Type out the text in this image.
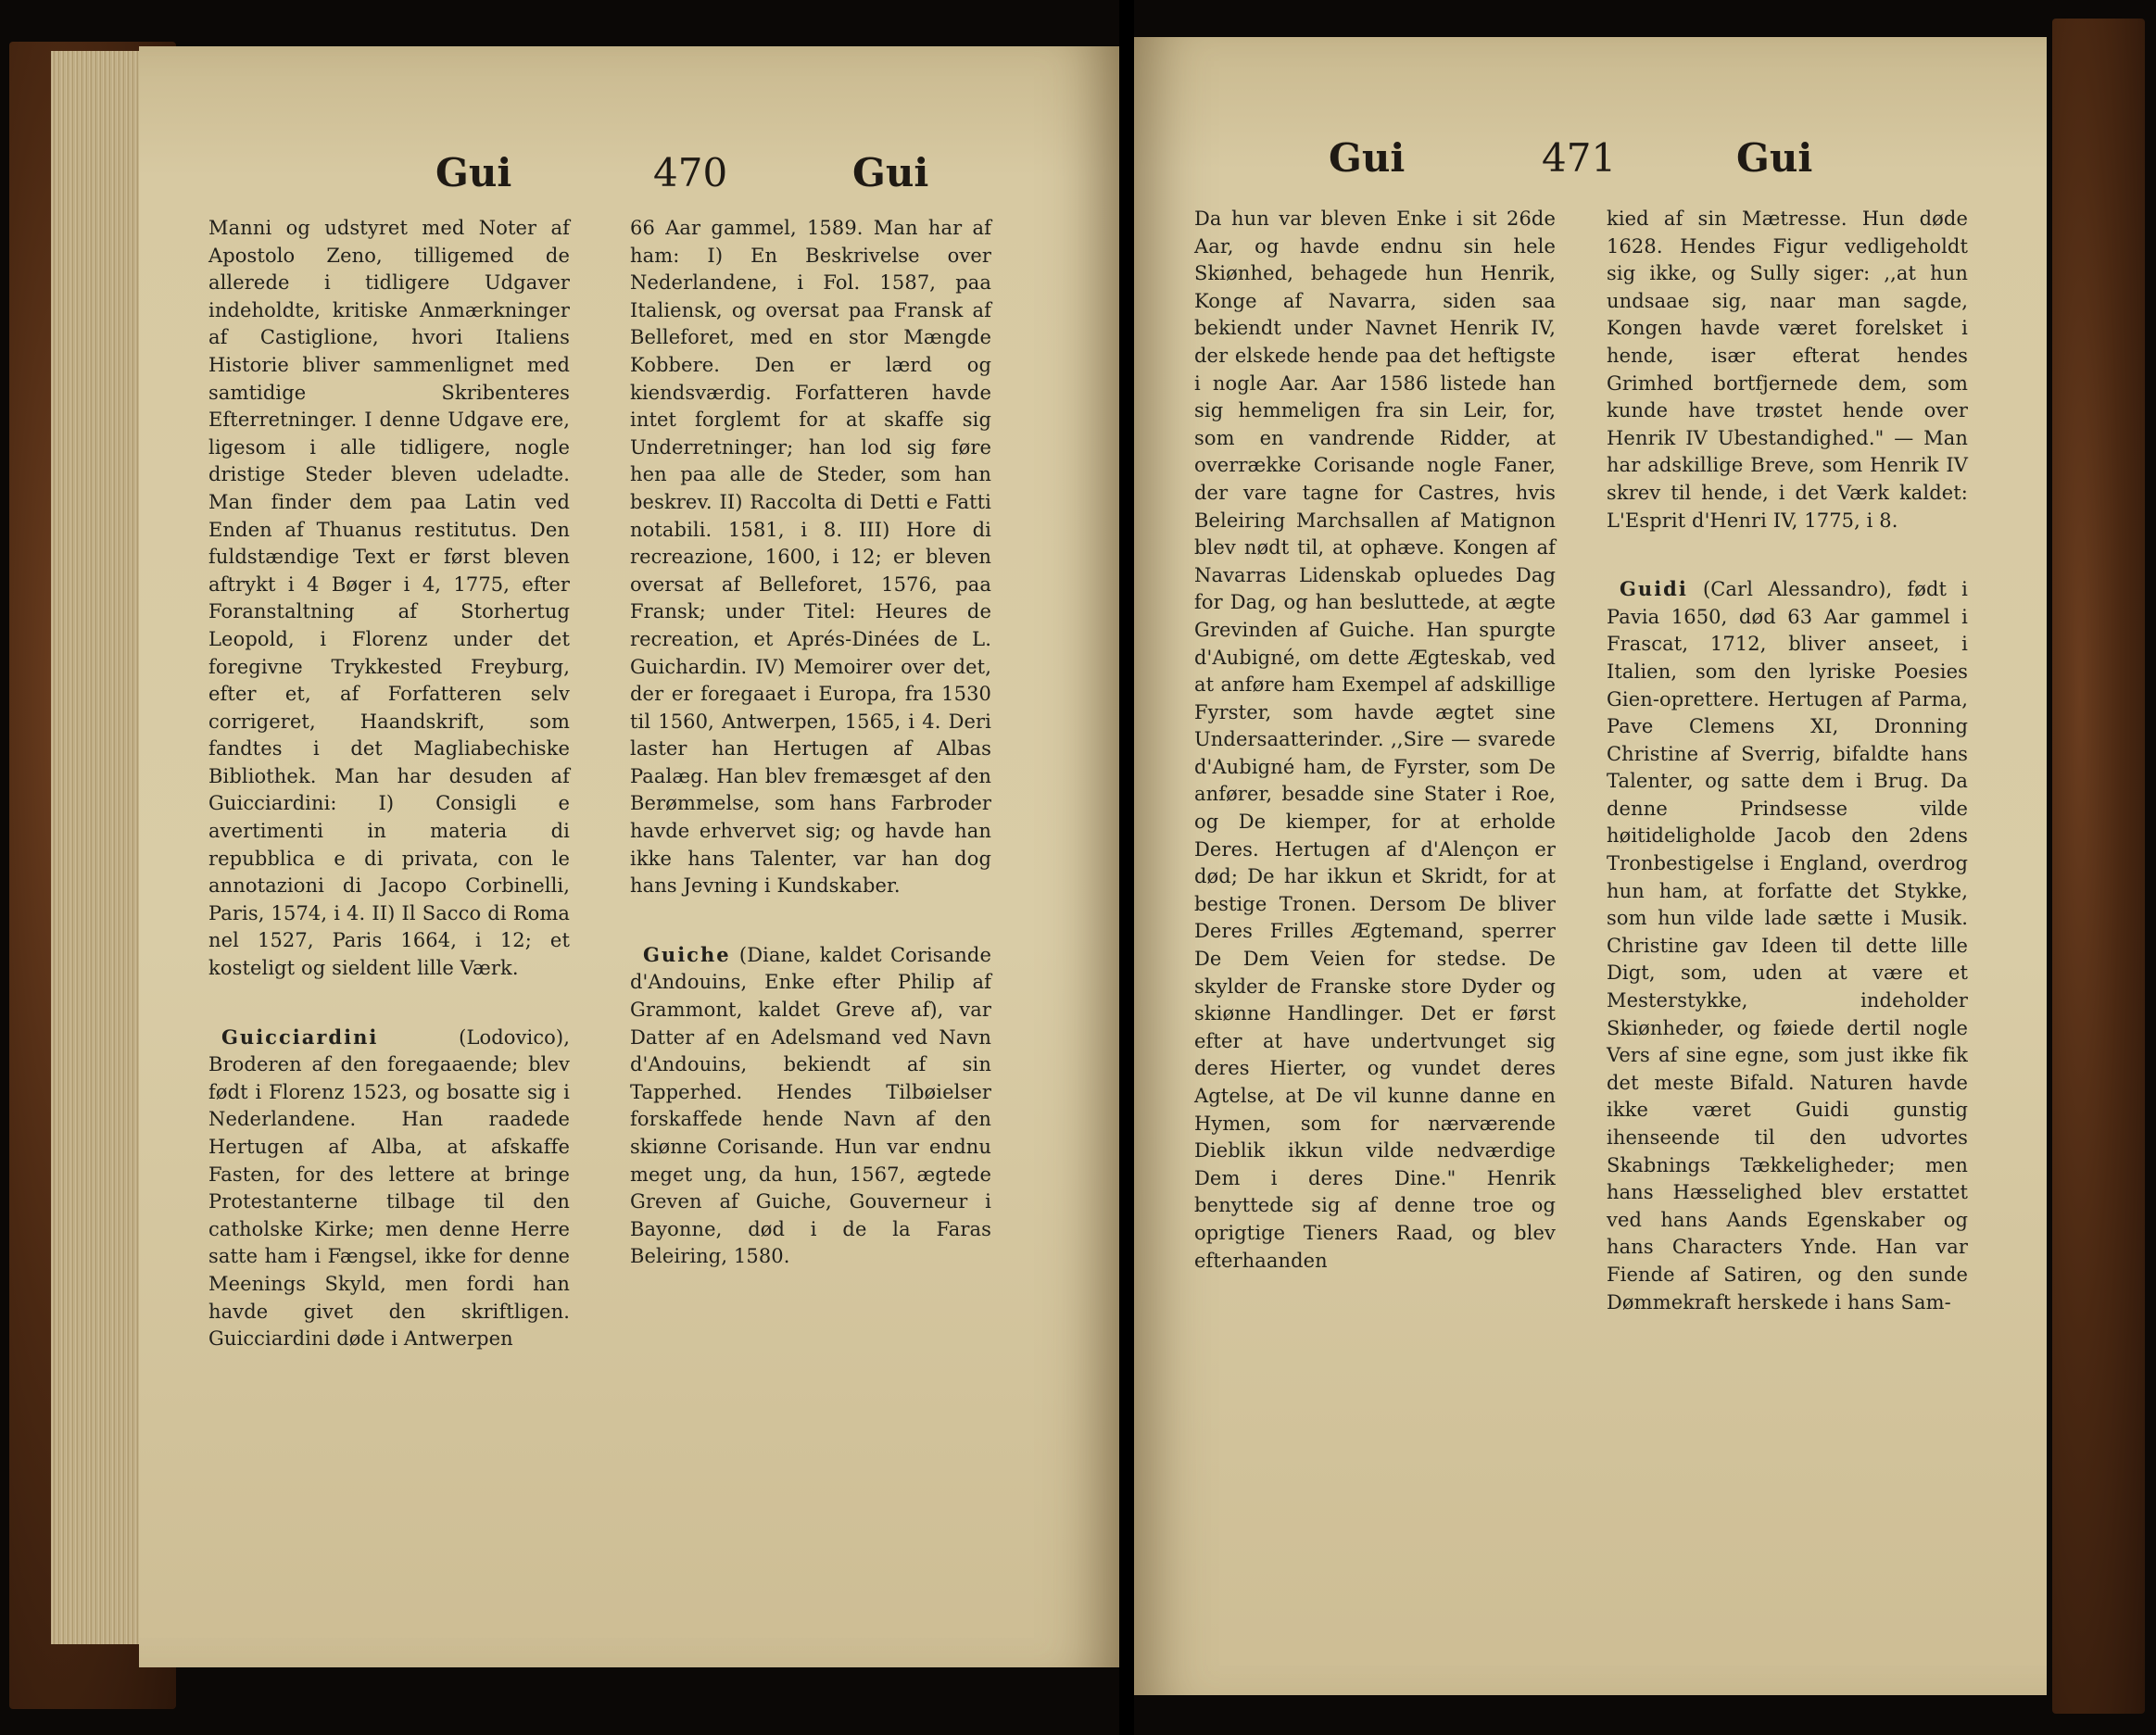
Gui	470	Gui

Manni og udstyret med Noter af Apostolo Zeno, tilligemed de allerede i tidligere Udgaver indeholdte, kritiske Anmærkninger af Castiglione, hvori Italiens Historie bliver sammenlignet med samtidige Skribenteres Efterretninger. I denne Udgave ere, ligesom i alle tidligere, nogle dristige Steder bleven udeladte. Man finder dem paa Latin ved Enden af Thuanus restitutus. Den fuldstændige Text er først bleven aftrykt i 4 Bøger i 4, 1775, efter Foranstaltning af Storhertug Leopold, i Florenz under det foregivne Trykkested Freyburg, efter et, af Forfatteren selv corrigeret, Haandskrift, som fandtes i det Magliabechiske Bibliothek. Man har desuden af Guicciardini: I) Consigli e avertimenti in materia di repubblica e di privata, con le annotazioni di Jacopo Corbinelli, Paris, 1574, i 4. II) Il Sacco di Roma nel 1527, Paris 1664, i 12; et kosteligt og sieldent lille Værk.

Guicciardini	(Lodovico), Broderen af den foregaaende; blev født i Florenz 1523, og bosatte sig i Nederlandene. Han raadede Hertugen af Alba, at afskaffe Fasten, for des lettere at bringe Protestanterne tilbage til den catholske Kirke; men denne Herre satte ham i Fængsel, ikke for denne Meenings Skyld, men fordi han havde givet den skriftligen. Guicciardini døde i Antwerpen

66 Aar gammel, 1589. Man har af ham: I) En Beskrivelse over Nederlandene, i Fol. 1587, paa Italiensk, og oversat paa Fransk af Belleforet, med en stor Mængde Kobbere. Den er lærd og kiendsværdig. Forfatteren havde intet forglemt for at skaffe sig Underretninger; han lod sig føre hen paa alle de Steder, som han beskrev. II) Raccolta di Detti e Fatti notabili. 1581, i 8. III) Hore di recreazione, 1600, i 12; er bleven oversat af Belleforet, 1576, paa Fransk; under Titel: Heures de recreation, et Aprés-Dinées de L. Guichardin. IV) Memoirer over det, der er foregaaet i Europa, fra 1530 til 1560, Antwerpen, 1565, i 4. Deri laster han Hertugen af Albas Paalæg. Han blev fremæsget af den Berømmelse, som hans Farbroder havde erhvervet sig; og havde han ikke hans Talenter, var han dog hans Jevning i Kundskaber.

Guiche (Diane, kaldet Corisande d'Andouins, Enke efter Philip af Grammont, kaldet Greve af), var Datter af en Adelsmand ved Navn d'Andouins, bekiendt af sin Tapperhed. Hendes Tilbøielser forskaffede hende Navn af den skiønne Corisande. Hun var endnu meget ung, da hun, 1567, ægtede Greven af Guiche, Gouverneur i Bayonne, død i de la Faras Beleiring, 1580.

Gui	471	Gui

Da hun var bleven Enke i sit 26de Aar, og havde endnu sin hele Skiønhed, behagede hun Henrik, Konge af Navarra, siden saa bekiendt under Navnet Henrik IV, der elskede hende paa det heftigste i nogle Aar. Aar 1586 listede han sig hemmeligen fra sin Leir, for, som en vandrende Ridder, at overrække Corisande nogle Faner, der vare tagne for Castres, hvis Beleiring Marchsallen af Matignon blev nødt til, at ophæve. Kongen af Navarras Lidenskab opluedes Dag for Dag, og han besluttede, at ægte Grevinden af Guiche. Han spurgte d'Aubigné, om dette Ægteskab, ved at anføre ham Exempel af adskillige Fyrster, som havde ægtet sine Undersaatterinder. ,,Sire — svarede d'Aubigné ham, de Fyrster, som De anfører, besadde sine Stater i Roe, og De kiemper, for at erholde Deres. Hertugen af d'Alençon er død; De har ikkun et Skridt, for at bestige Tronen. Dersom De bliver Deres Frilles Ægtemand, sperrer De Dem Veien for stedse. De skylder de Franske store Dyder og skiønne Handlinger. Det er først efter at have undertvunget sig deres Hierter, og vundet deres Agtelse, at De vil kunne danne en Hymen, som for nærværende Dieblik ikkun vilde nedværdige Dem i deres Dine." Henrik benyttede sig af denne troe og oprigtige Tieners Raad, og blev efterhaanden

kied af sin Mætresse. Hun døde 1628. Hendes Figur vedligeholdt sig ikke, og Sully siger: ,,at hun undsaae sig, naar man sagde, Kongen havde været forelsket i hende, især efterat hendes Grimhed bortfjernede dem, som kunde have trøstet hende over Henrik IV Ubestandighed." — Man har adskillige Breve, som Henrik IV skrev til hende, i det Værk kaldet: L'Esprit d'Henri IV, 1775, i 8.

Guidi (Carl Alessandro), født i Pavia 1650, død 63 Aar gammel i Frascat, 1712, bliver anseet, i Italien, som den lyriske Poesies Gien-oprettere. Hertugen af Parma, Pave Clemens XI, Dronning Christine af Sverrig, bifaldte hans Talenter, og satte dem i Brug. Da denne Prindsesse vilde høitideligholde Jacob den 2dens Tronbestigelse i England, overdrog hun ham, at forfatte det Stykke, som hun vilde lade sætte i Musik. Christine gav Ideen til dette lille Digt, som, uden at være et Mesterstykke, indeholder Skiønheder, og føiede dertil nogle Vers af sine egne, som just ikke fik det meste Bifald. Naturen havde ikke været Guidi gunstig ihenseende til den udvortes Skabnings Tækkeligheder; men hans Hæsselighed blev erstattet ved hans Aands Egenskaber og hans Characters Ynde. Han var Fiende af Satiren, og den sunde Dømmekraft herskede i hans Sam-
